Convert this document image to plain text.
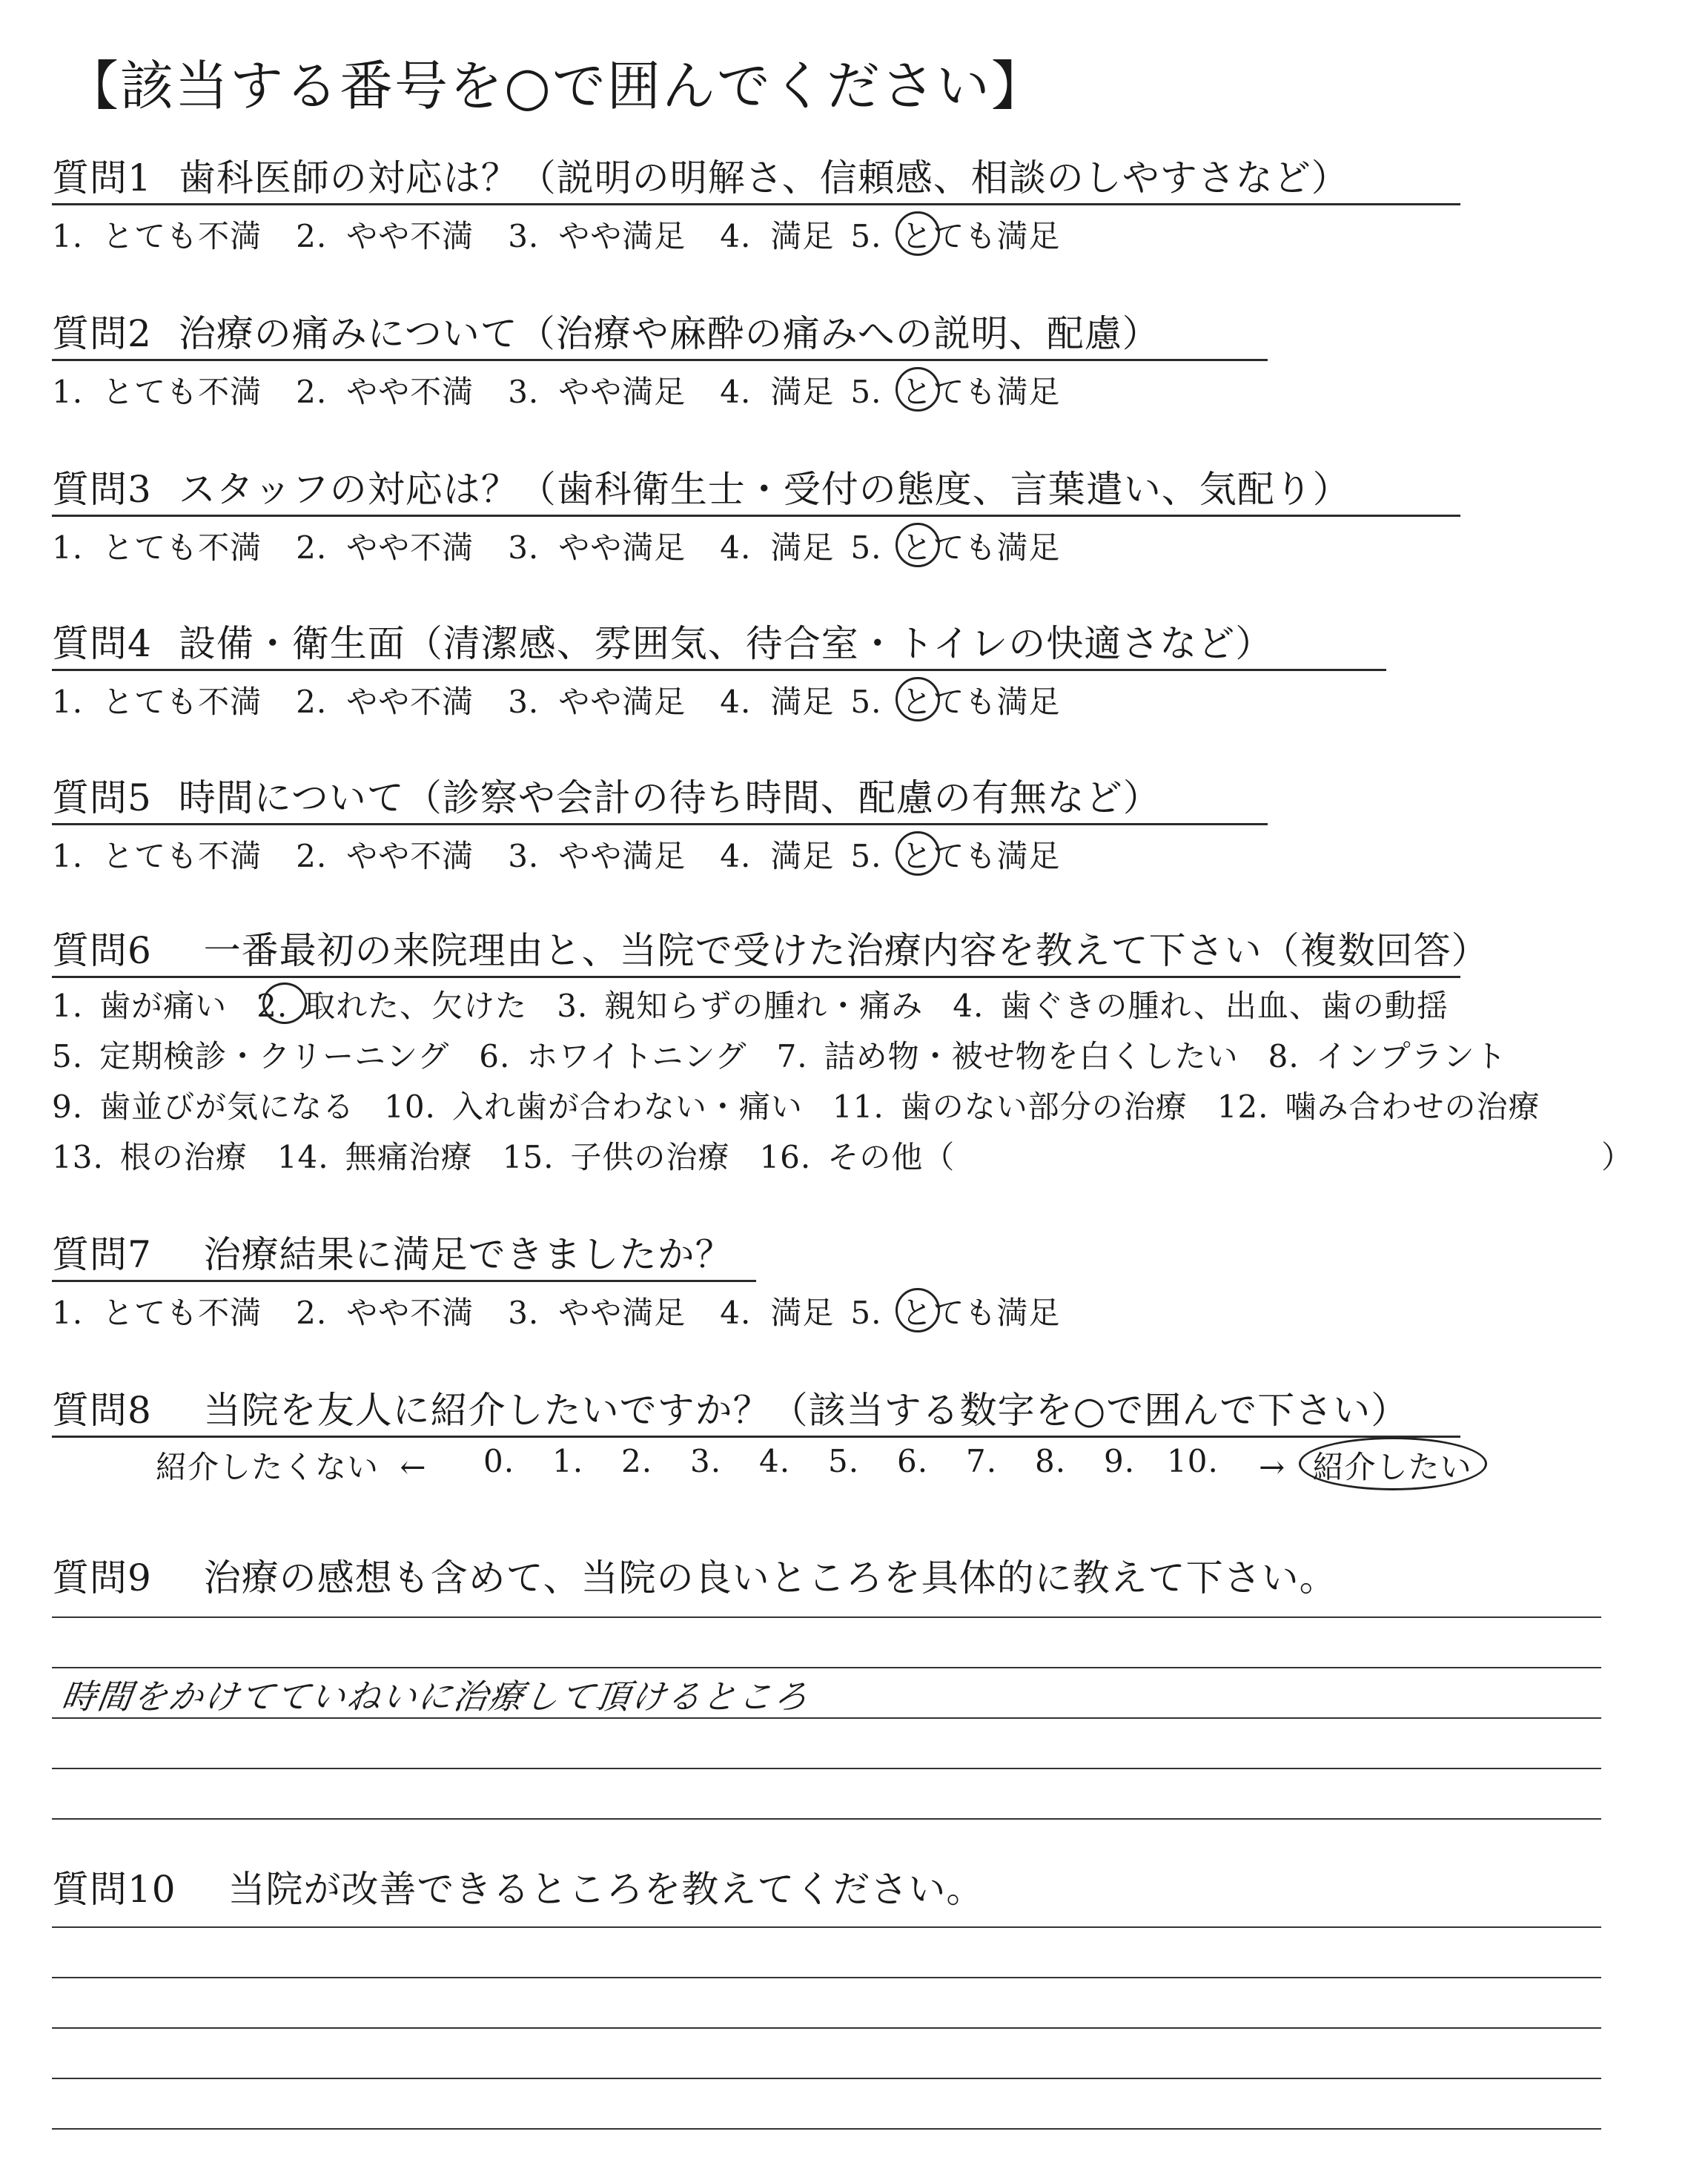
【該当する番号を○で囲んでください】
質問1 歯科医師の対応は？（説明の明解さ、信頼感、相談のしやすさなど）
1. とても不満 2. やや不満 3. やや満足 4. 満足 5. とても満足
質問2 治療の痛みについて（治療や麻酔の痛みへの説明、配慮）
1. とても不満 2. やや不満 3. やや満足 4. 満足 5. とても満足
質問3 スタッフの対応は？（歯科衛生士・受付の態度、言葉遣い、気配り）
1. とても不満 2. やや不満 3. やや満足 4. 満足 5. とても満足
質問4 設備・衛生面（清潔感、雰囲気、待合室・トイレの快適さなど）
1. とても不満 2. やや不満 3. やや満足 4. 満足 5. とても満足
質問5 時間について（診察や会計の待ち時間、配慮の有無など）
1. とても不満 2. やや不満 3. やや満足 4. 満足 5. とても満足
質問6 一番最初の来院理由と、当院で受けた治療内容を教えて下さい（複数回答）
1. 歯が痛い 2. 取れた、欠けた 3. 親知らずの腫れ・痛み 4. 歯ぐきの腫れ、出血、歯の動揺
5. 定期検診・クリーニング 6. ホワイトニング 7. 詰め物・被せ物を白くしたい 8. インプラント
9. 歯並びが気になる 10. 入れ歯が合わない・痛い 11. 歯のない部分の治療 12. 噛み合わせの治療
13. 根の治療 14. 無痛治療 15. 子供の治療 16. その他（	）
質問7 治療結果に満足できましたか？
1. とても不満 2. やや不満 3. やや満足 4. 満足 5. とても満足
質問8 当院を友人に紹介したいですか？（該当する数字を○で囲んで下さい）
紹介したくない ← 0. 1. 2. 3. 4. 5. 6. 7. 8. 9. 10. → 紹介したい
質問9 治療の感想も含めて、当院の良いところを具体的に教えて下さい。
時間をかけてていねいに治療して頂けるところ
質問10 当院が改善できるところを教えてください。
